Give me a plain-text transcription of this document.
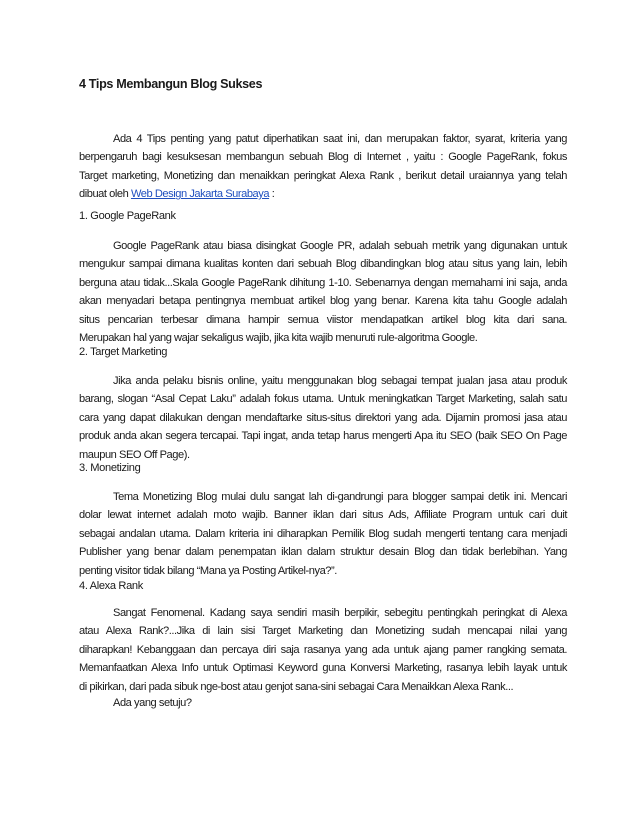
4 Tips Membangun Blog Sukses
Ada 4 Tips penting yang patut diperhatikan saat ini, dan merupakan faktor, syarat, kriteria yang
berpengaruh bagi kesuksesan membangun sebuah Blog di Internet , yaitu : Google PageRank, fokus
Target marketing, Monetizing dan menaikkan peringkat Alexa Rank , berikut detail uraiannya yang telah
dibuat oleh Web Design Jakarta Surabaya :
1. Google PageRank
Google PageRank atau biasa disingkat Google PR, adalah sebuah metrik yang digunakan untuk
mengukur sampai dimana kualitas konten dari sebuah Blog dibandingkan blog atau situs yang lain, lebih
berguna atau tidak...Skala Google PageRank dihitung 1-10. Sebenarnya dengan memahami ini saja, anda
akan menyadari betapa pentingnya membuat artikel blog yang benar. Karena kita tahu Google adalah
situs pencarian terbesar dimana hampir semua viistor mendapatkan artikel blog kita dari sana.
Merupakan hal yang wajar sekaligus wajib, jika kita wajib menuruti rule-algoritma Google.
2. Target Marketing
Jika anda pelaku bisnis online, yaitu menggunakan blog sebagai tempat jualan jasa atau produk
barang, slogan “Asal Cepat Laku” adalah fokus utama. Untuk meningkatkan Target Marketing, salah satu
cara yang dapat dilakukan dengan mendaftarke situs-situs direktori yang ada. Dijamin promosi jasa atau
produk anda akan segera tercapai. Tapi ingat, anda tetap harus mengerti Apa itu SEO (baik SEO On Page
maupun SEO Off Page).
3. Monetizing
Tema Monetizing Blog mulai dulu sangat lah di-gandrungi para blogger sampai detik ini. Mencari
dolar lewat internet adalah moto wajib. Banner iklan dari situs Ads, Affiliate Program untuk cari duit
sebagai andalan utama. Dalam kriteria ini diharapkan Pemilik Blog sudah mengerti tentang cara menjadi
Publisher yang benar dalam penempatan iklan dalam struktur desain Blog dan tidak berlebihan. Yang
penting visitor tidak bilang “Mana ya Posting Artikel-nya?”.
4. Alexa Rank
Sangat Fenomenal. Kadang saya sendiri masih berpikir, sebegitu pentingkah peringkat di Alexa
atau Alexa Rank?...Jika di lain sisi Target Marketing dan Monetizing sudah mencapai nilai yang
diharapkan! Kebanggaan dan percaya diri saja rasanya yang ada untuk ajang pamer rangking semata.
Memanfaatkan Alexa Info untuk Optimasi Keyword guna Konversi Marketing, rasanya lebih layak untuk
di pikirkan, dari pada sibuk nge-bost atau genjot sana-sini sebagai Cara Menaikkan Alexa Rank...
Ada yang setuju?
